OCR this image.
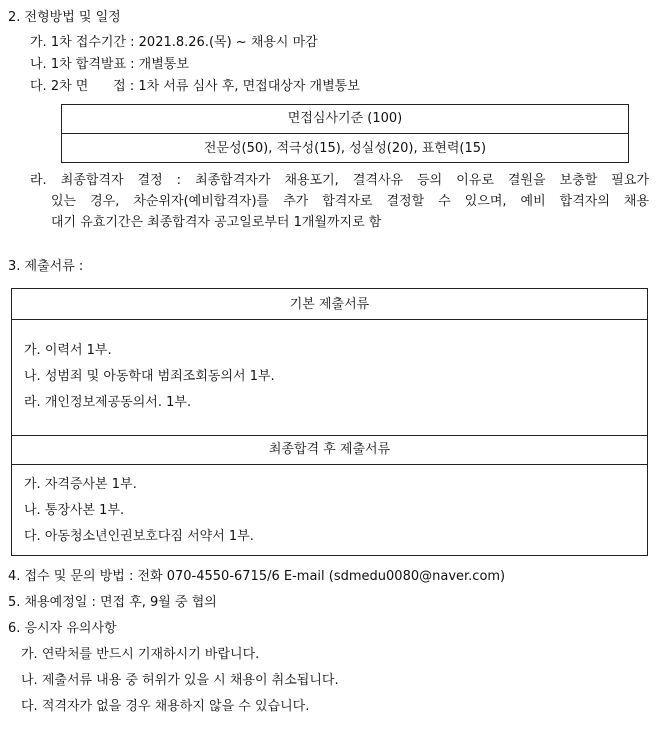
2. 전형방법 및 일정
가. 1차 접수기간 : 2021.8.26.(목) ~ 채용시 마감
나. 1차 합격발표 : 개별통보
다. 2차 면      접 : 1차 서류 심사 후, 면접대상자 개별통보
면접심사기준 (100)
전문성(50), 적극성(15), 성실성(20), 표현력(15)
라. 최종합격자 결정 : 최종합격자가 채용포기, 결격사유 등의 이유로 결원을 보충할 필요가
있는 경우, 차순위자(예비합격자)를 추가 합격자로 결정할 수 있으며, 예비 합격자의 채용
대기 유효기간은 최종합격자 공고일로부터 1개월까지로 함
3. 제출서류 :
기본 제출서류
가. 이력서 1부.
나. 성범죄 및 아동학대 범죄조회동의서 1부.
라. 개인정보제공동의서. 1부.
최종합격 후 제출서류
가. 자격증사본 1부.
나. 통장사본 1부.
다. 아동청소년인권보호다짐 서약서 1부.
4. 접수 및 문의 방법 : 전화 070-4550-6715/6 E-mail (sdmedu0080@naver.com)
5. 채용예정일 : 면접 후, 9월 중 협의
6. 응시자 유의사항
가. 연락처를 반드시 기재하시기 바랍니다.
나. 제출서류 내용 중 허위가 있을 시 채용이 취소됩니다.
다. 적격자가 없을 경우 채용하지 않을 수 있습니다.
